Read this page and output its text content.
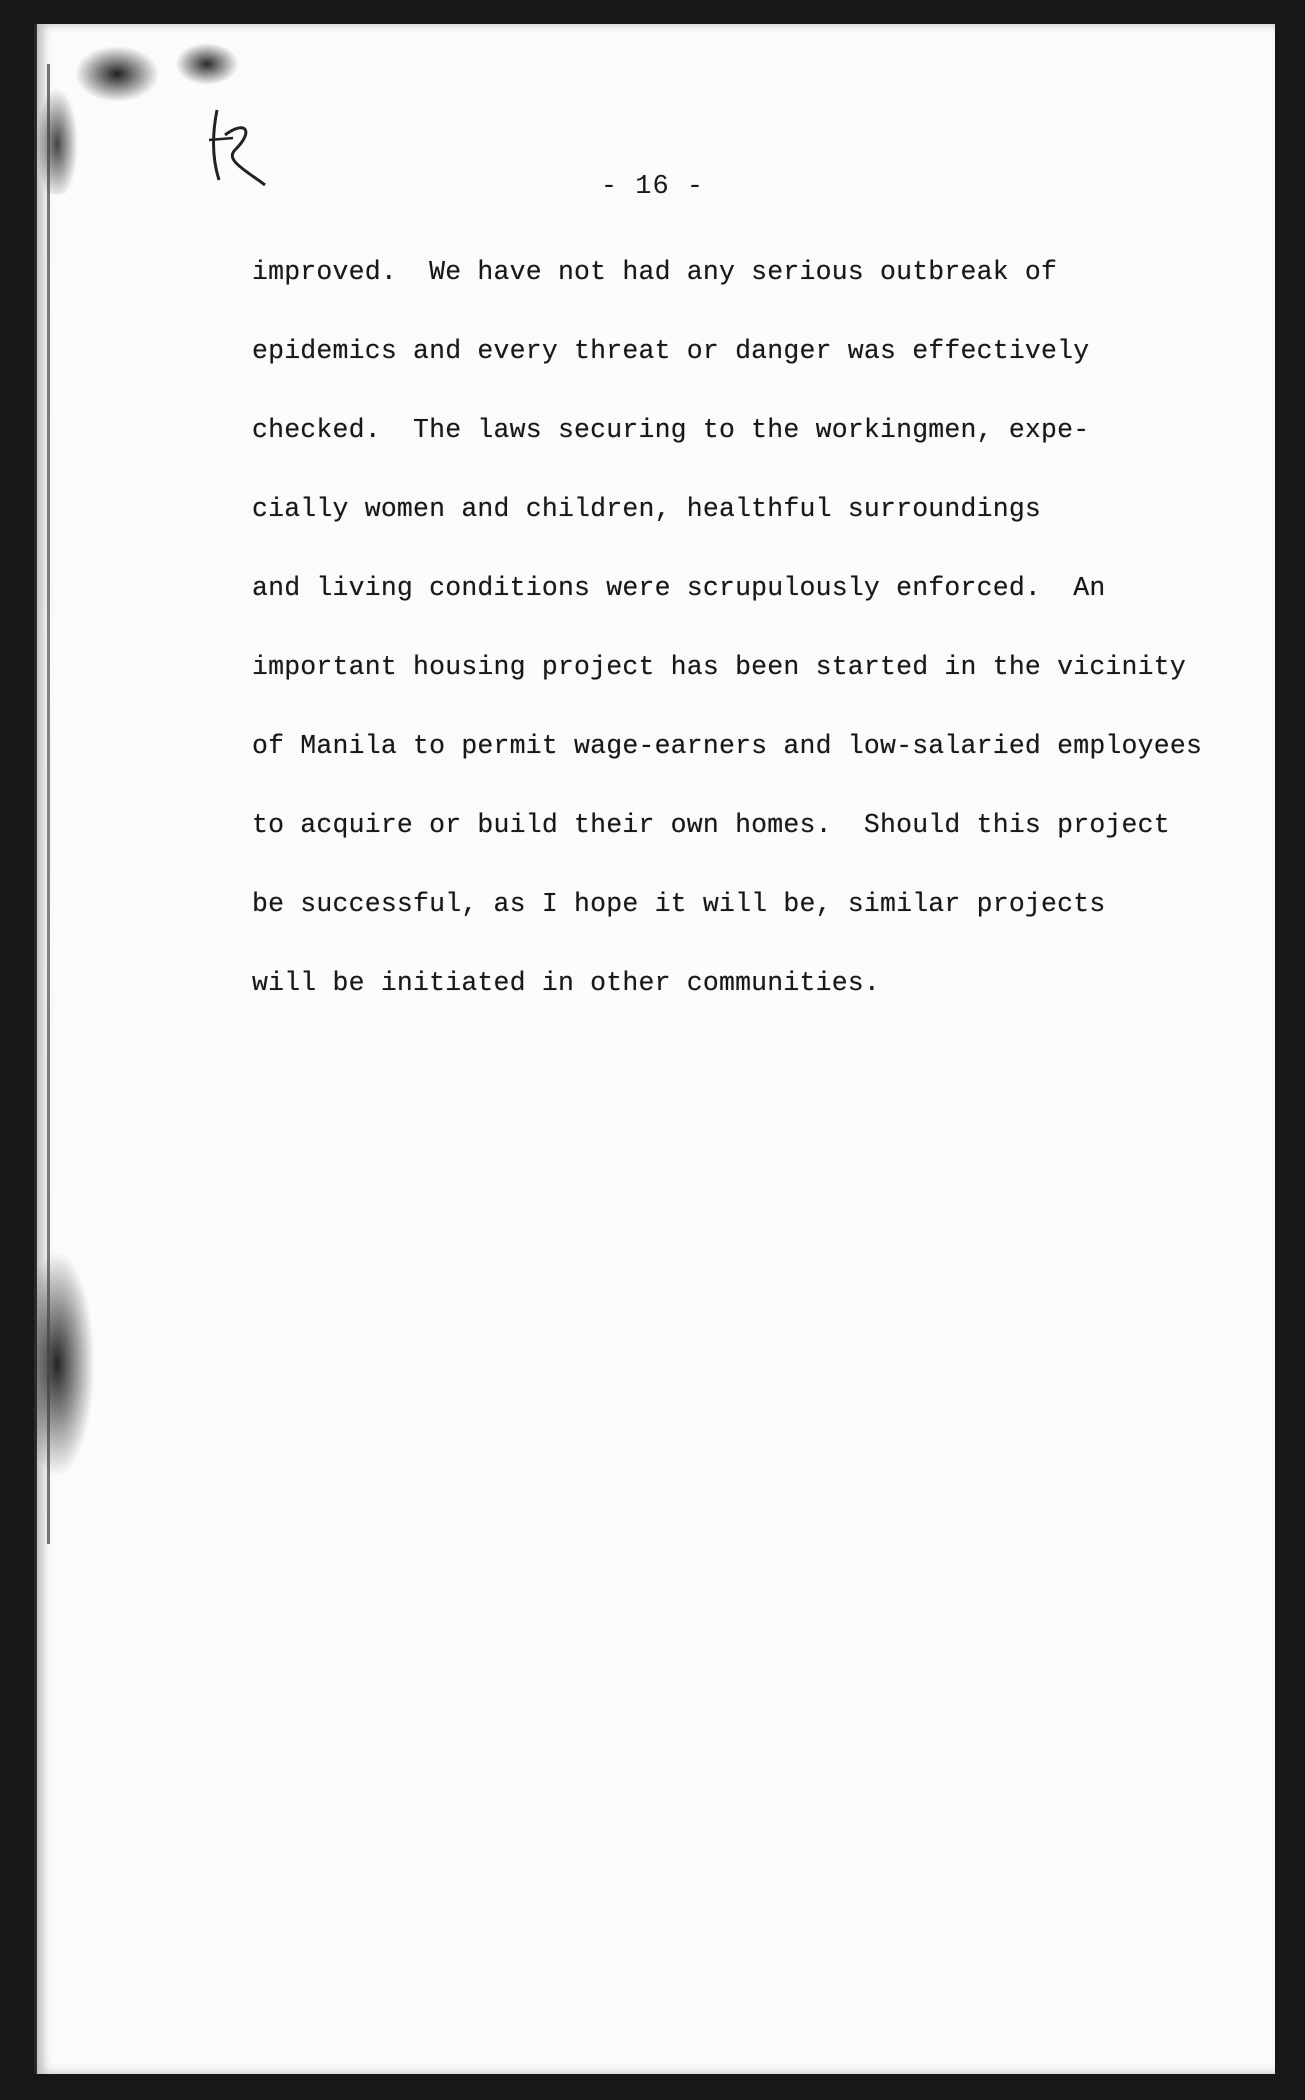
- 16 -
improved.  We have not had any serious outbreak of
epidemics and every threat or danger was effectively
checked.  The laws securing to the workingmen, expe-
cially women and children, healthful surroundings
and living conditions were scrupulously enforced.  An
important housing project has been started in the vicinity
of Manila to permit wage-earners and low-salaried employees
to acquire or build their own homes.  Should this project
be successful, as I hope it will be, similar projects
will be initiated in other communities.
